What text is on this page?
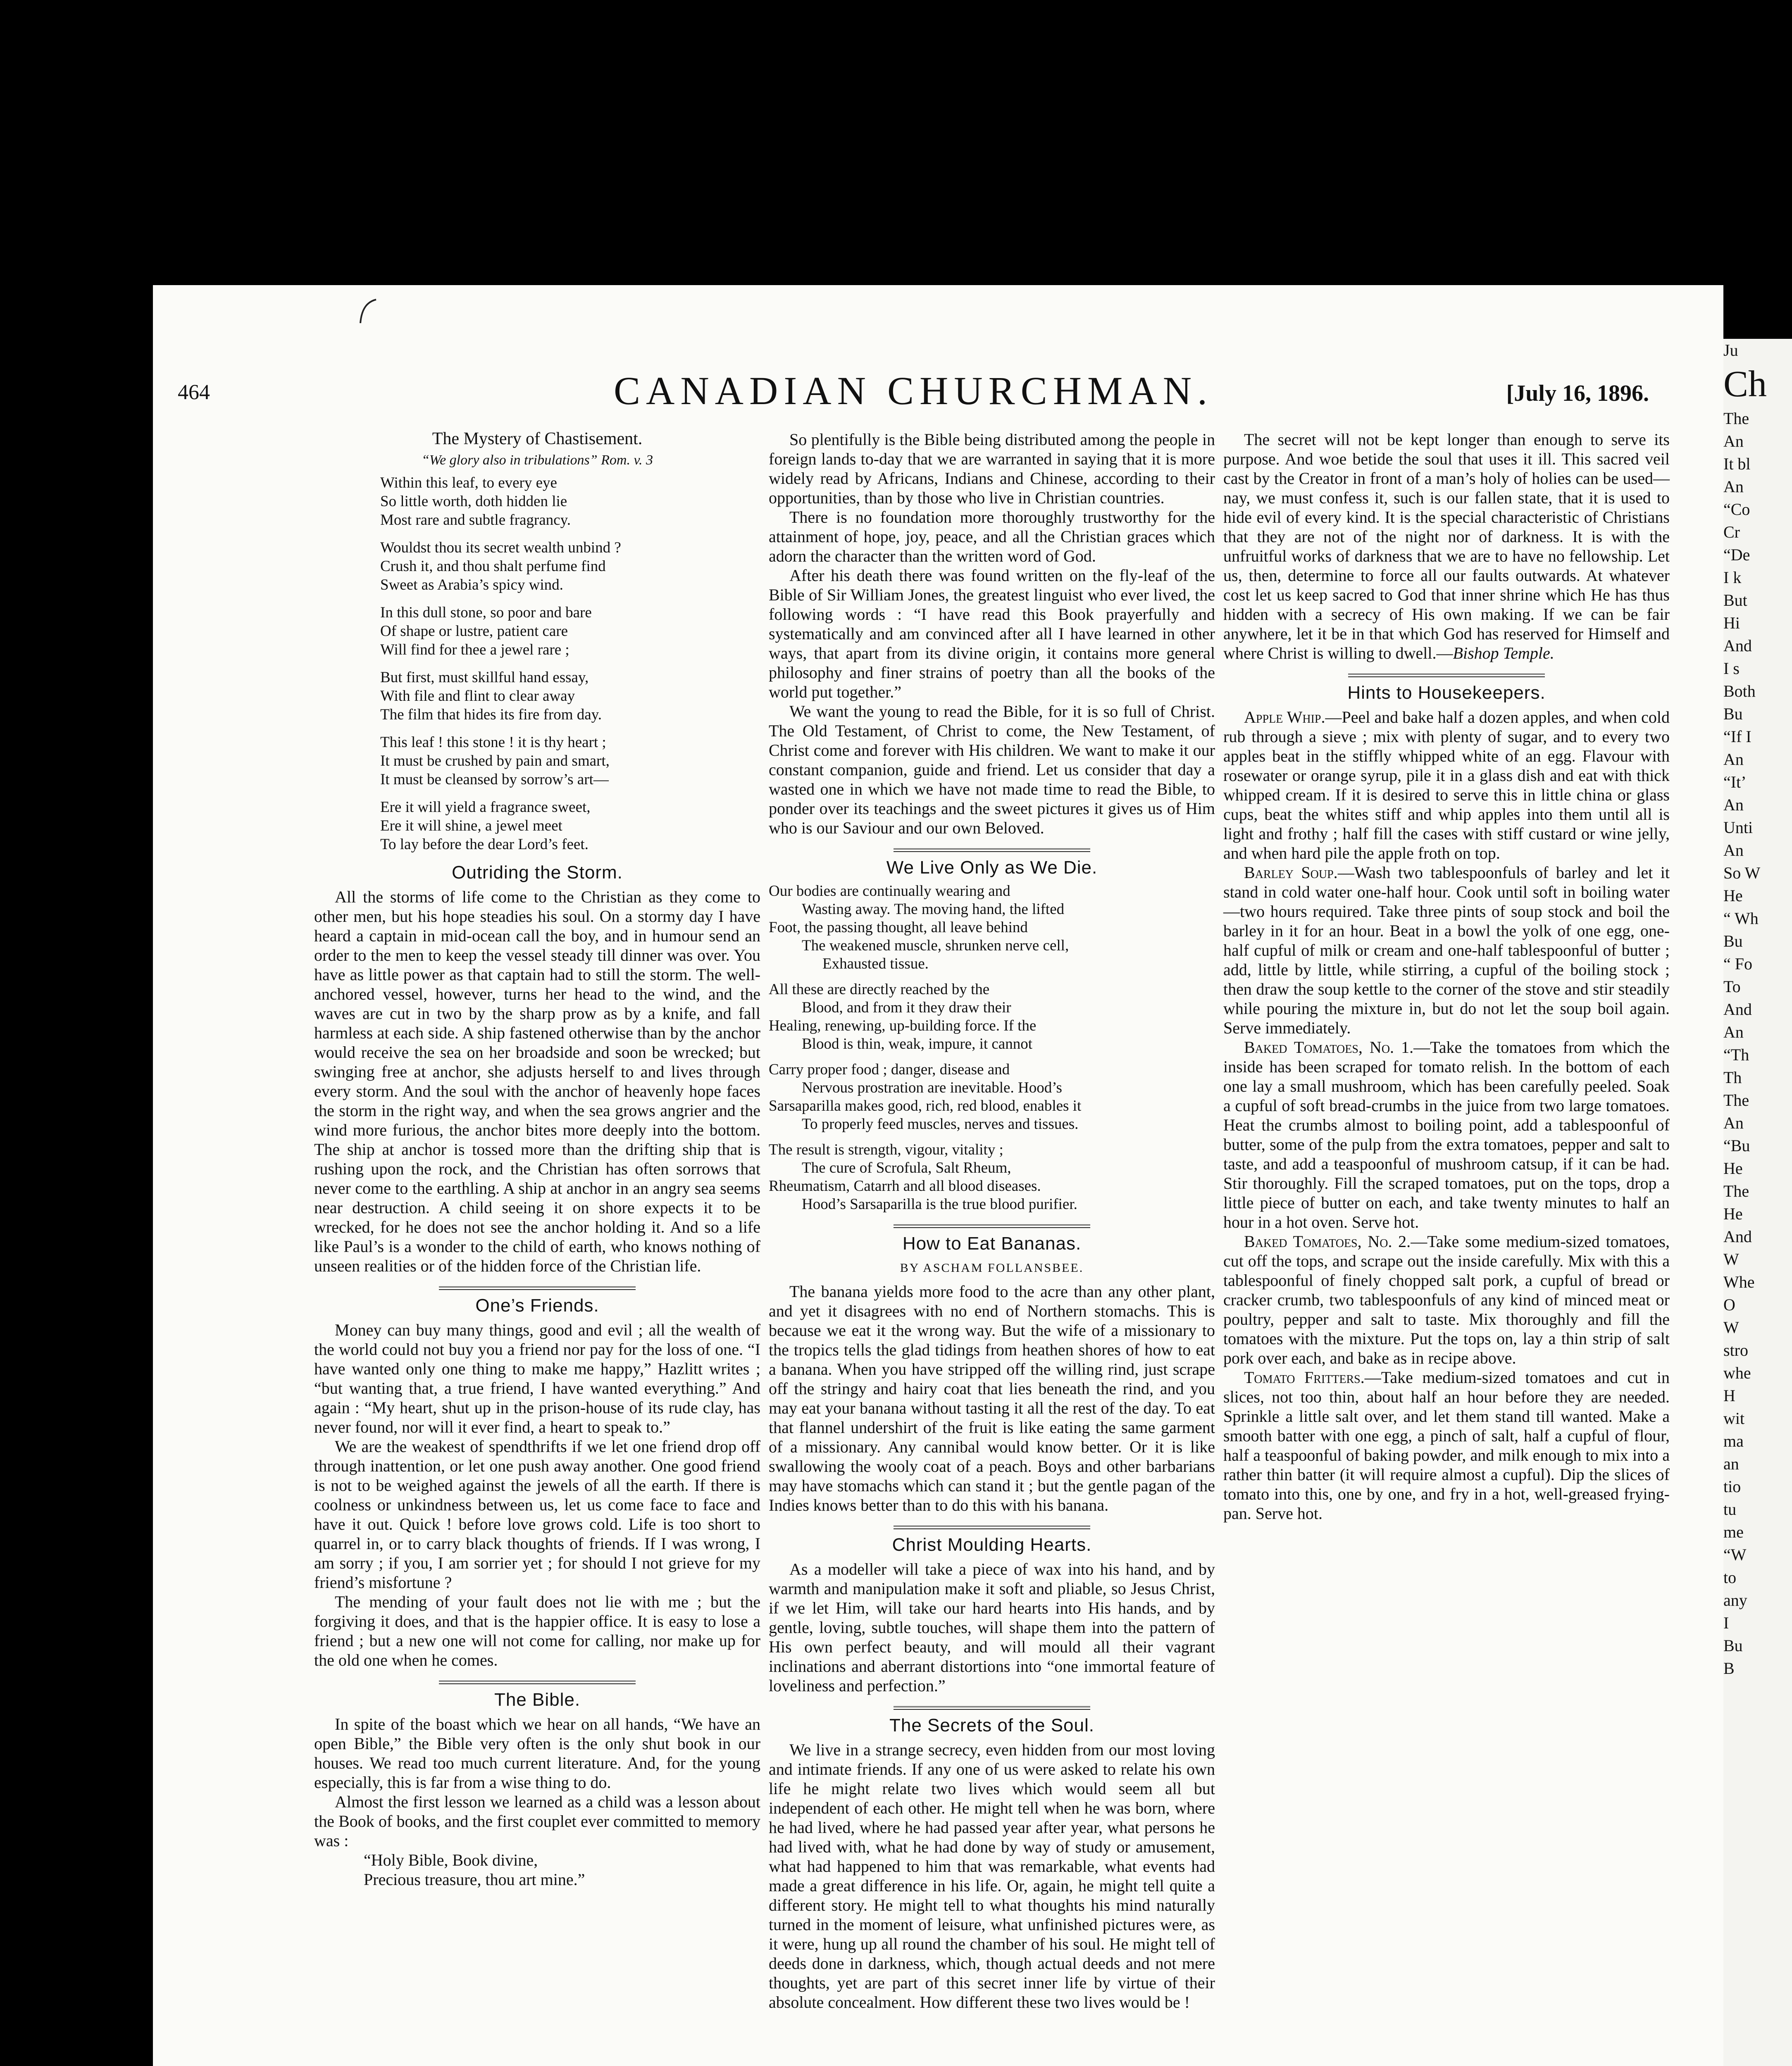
464	CANADIAN CHURCHMAN.	[July 16, 1896.
The Mystery of Chastisement.
“We glory also in tribulations” Rom. v. 3
Within this leaf, to every eye
So little worth, doth hidden lie
Most rare and subtle fragrancy.
Wouldst thou its secret wealth unbind ?
Crush it, and thou shalt perfume find
Sweet as Arabia’s spicy wind.
In this dull stone, so poor and bare
Of shape or lustre, patient care
Will find for thee a jewel rare ;
But first, must skillful hand essay,
With file and flint to clear away
The film that hides its fire from day.
This leaf ! this stone ! it is thy heart ;
It must be crushed by pain and smart,
It must be cleansed by sorrow’s art—
Ere it will yield a fragrance sweet,
Ere it will shine, a jewel meet
To lay before the dear Lord’s feet.
Outriding the Storm.

All the storms of life come to the Christian as they come to other men, but his hope steadies his soul. On a stormy day I have heard a captain in mid-ocean call the boy, and in humour send an order to the men to keep the vessel steady till dinner was over. You have as little power as that captain had to still the storm. The well-anchored vessel, however, turns her head to the wind, and the waves are cut in two by the sharp prow as by a knife, and fall harmless at each side. A ship fastened otherwise than by the anchor would receive the sea on her broadside and soon be wrecked; but swinging free at anchor, she adjusts herself to and lives through every storm. And the soul with the anchor of heavenly hope faces the storm in the right way, and when the sea grows angrier and the wind more furious, the anchor bites more deeply into the bottom. The ship at anchor is tossed more than the drifting ship that is rushing upon the rock, and the Christian has often sorrows that never come to the earthling. A ship at anchor in an angry sea seems near destruction. A child seeing it on shore expects it to be wrecked, for he does not see the anchor holding it. And so a life like Paul’s is a wonder to the child of earth, who knows nothing of unseen realities or of the hidden force of the Christian life.

One’s Friends.

Money can buy many things, good and evil ; all the wealth of the world could not buy you a friend nor pay for the loss of one. “I have wanted only one thing to make me happy,” Hazlitt writes ; “but wanting that, a true friend, I have wanted everything.” And again : “My heart, shut up in the prison-house of its rude clay, has never found, nor will it ever find, a heart to speak to.”

We are the weakest of spendthrifts if we let one friend drop off through inattention, or let one push away another. One good friend is not to be weighed against the jewels of all the earth. If there is coolness or unkindness between us, let us come face to face and have it out. Quick ! before love grows cold. Life is too short to quarrel in, or to carry black thoughts of friends. If I was wrong, I am sorry ; if you, I am sorrier yet ; for should I not grieve for my friend’s misfortune ?

The mending of your fault does not lie with me ; but the forgiving it does, and that is the happier office. It is easy to lose a friend ; but a new one will not come for calling, nor make up for the old one when he comes.

The Bible.

In spite of the boast which we hear on all hands, “We have an open Bible,” the Bible very often is the only shut book in our houses. We read too much current literature. And, for the young especially, this is far from a wise thing to do.

Almost the first lesson we learned as a child was a lesson about the Book of books, and the first couplet ever committed to memory was :

“Holy Bible, Book divine,

Precious treasure, thou art mine.”

So plentifully is the Bible being distributed among the people in foreign lands to-day that we are warranted in saying that it is more widely read by Africans, Indians and Chinese, according to their opportunities, than by those who live in Christian countries.

There is no foundation more thoroughly trustworthy for the attainment of hope, joy, peace, and all the Christian graces which adorn the character than the written word of God.

After his death there was found written on the fly-leaf of the Bible of Sir William Jones, the greatest linguist who ever lived, the following words : “I have read this Book prayerfully and systematically and am convinced after all I have learned in other ways, that apart from its divine origin, it contains more general philosophy and finer strains of poetry than all the books of the world put together.”

We want the young to read the Bible, for it is so full of Christ. The Old Testament, of Christ to come, the New Testament, of Christ come and forever with His children. We want to make it our constant companion, guide and friend. Let us consider that day a wasted one in which we have not made time to read the Bible, to ponder over its teachings and the sweet pictures it gives us of Him who is our Saviour and our own Beloved.

We Live Only as We Die.
Our bodies are continually wearing and
Wasting away. The moving hand, the lifted
Foot, the passing thought, all leave behind
The weakened muscle, shrunken nerve cell,
Exhausted tissue.
All these are directly reached by the
Blood, and from it they draw their
Healing, renewing, up-building force. If the
Blood is thin, weak, impure, it cannot
Carry proper food ; danger, disease and
Nervous prostration are inevitable. Hood’s
Sarsaparilla makes good, rich, red blood, enables it
To properly feed muscles, nerves and tissues.
The result is strength, vigour, vitality ;
The cure of Scrofula, Salt Rheum,
Rheumatism, Catarrh and all blood diseases.
Hood’s Sarsaparilla is the true blood purifier.
How to Eat Bananas.
BY ASCHAM FOLLANSBEE.

The banana yields more food to the acre than any other plant, and yet it disagrees with no end of Northern stomachs. This is because we eat it the wrong way. But the wife of a missionary to the tropics tells the glad tidings from heathen shores of how to eat a banana. When you have stripped off the willing rind, just scrape off the stringy and hairy coat that lies beneath the rind, and you may eat your banana without tasting it all the rest of the day. To eat that flannel undershirt of the fruit is like eating the same garment of a missionary. Any cannibal would know better. Or it is like swallowing the wooly coat of a peach. Boys and other barbarians may have stomachs which can stand it ; but the gentle pagan of the Indies knows better than to do this with his banana.

Christ Moulding Hearts.

As a modeller will take a piece of wax into his hand, and by warmth and manipulation make it soft and pliable, so Jesus Christ, if we let Him, will take our hard hearts into His hands, and by gentle, loving, subtle touches, will shape them into the pattern of His own perfect beauty, and will mould all their vagrant inclinations and aberrant distortions into “one immortal feature of loveliness and perfection.”

The Secrets of the Soul.

We live in a strange secrecy, even hidden from our most loving and intimate friends. If any one of us were asked to relate his own life he might relate two lives which would seem all but independent of each other. He might tell when he was born, where he had lived, where he had passed year after year, what persons he had lived with, what he had done by way of study or amusement, what had happened to him that was remarkable, what events had made a great difference in his life. Or, again, he might tell quite a different story. He might tell to what thoughts his mind naturally turned in the moment of leisure, what unfinished pictures were, as it were, hung up all round the chamber of his soul. He might tell of deeds done in darkness, which, though actual deeds and not mere thoughts, yet are part of this secret inner life by virtue of their absolute concealment. How different these two lives would be !

The secret will not be kept longer than enough to serve its purpose. And woe betide the soul that uses it ill. This sacred veil cast by the Creator in front of a man’s holy of holies can be used—nay, we must confess it, such is our fallen state, that it is used to hide evil of every kind. It is the special characteristic of Christians that they are not of the night nor of darkness. It is with the unfruitful works of darkness that we are to have no fellowship. Let us, then, determine to force all our faults outwards. At whatever cost let us keep sacred to God that inner shrine which He has thus hidden with a secrecy of His own making. If we can be fair anywhere, let it be in that which God has reserved for Himself and where Christ is willing to dwell.—Bishop Temple.

Hints to Housekeepers.

Apple Whip.—Peel and bake half a dozen apples, and when cold rub through a sieve ; mix with plenty of sugar, and to every two apples beat in the stiffly whipped white of an egg. Flavour with rosewater or orange syrup, pile it in a glass dish and eat with thick whipped cream. If it is desired to serve this in little china or glass cups, beat the whites stiff and whip apples into them until all is light and frothy ; half fill the cases with stiff custard or wine jelly, and when hard pile the apple froth on top.

Barley Soup.—Wash two tablespoonfuls of barley and let it stand in cold water one-half hour. Cook until soft in boiling water—two hours required. Take three pints of soup stock and boil the barley in it for an hour. Beat in a bowl the yolk of one egg, one-half cupful of milk or cream and one-half tablespoonful of butter ; add, little by little, while stirring, a cupful of the boiling stock ; then draw the soup kettle to the corner of the stove and stir steadily while pouring the mixture in, but do not let the soup boil again. Serve immediately.

Baked Tomatoes, No. 1.—Take the tomatoes from which the inside has been scraped for tomato relish. In the bottom of each one lay a small mushroom, which has been carefully peeled. Soak a cupful of soft bread-crumbs in the juice from two large tomatoes. Heat the crumbs almost to boiling point, add a tablespoonful of butter, some of the pulp from the extra tomatoes, pepper and salt to taste, and add a teaspoonful of mushroom catsup, if it can be had. Stir thoroughly. Fill the scraped tomatoes, put on the tops, drop a little piece of butter on each, and take twenty minutes to half an hour in a hot oven. Serve hot.

Baked Tomatoes, No. 2.—Take some medium-sized tomatoes, cut off the tops, and scrape out the inside carefully. Mix with this a tablespoonful of finely chopped salt pork, a cupful of bread or cracker crumb, two tablespoonfuls of any kind of minced meat or poultry, pepper and salt to taste. Mix thoroughly and fill the tomatoes with the mixture. Put the tops on, lay a thin strip of salt pork over each, and bake as in recipe above.

Tomato Fritters.—Take medium-sized tomatoes and cut in slices, not too thin, about half an hour before they are needed. Sprinkle a little salt over, and let them stand till wanted. Make a smooth batter with one egg, a pinch of salt, half a cupful of flour, half a teaspoonful of baking powder, and milk enough to mix into a rather thin batter (it will require almost a cupful). Dip the slices of tomato into this, one by one, and fry in a hot, well-greased frying-pan. Serve hot.

Ju
Ch
The
An
It bl
An
“Co
Cr
“De
I k
But
Hi
And
I s
Both
Bu
“If I
An
“It’
An
Unti
An
So W
He
“ Wh
Bu
“ Fo
To
And
An
“Th
Th
The
An
“Bu
He
The
He
And
W
Whe
O
W
stro
whe
H
wit
ma
an
tio
tu
me
“W
to
any
I
Bu
B
